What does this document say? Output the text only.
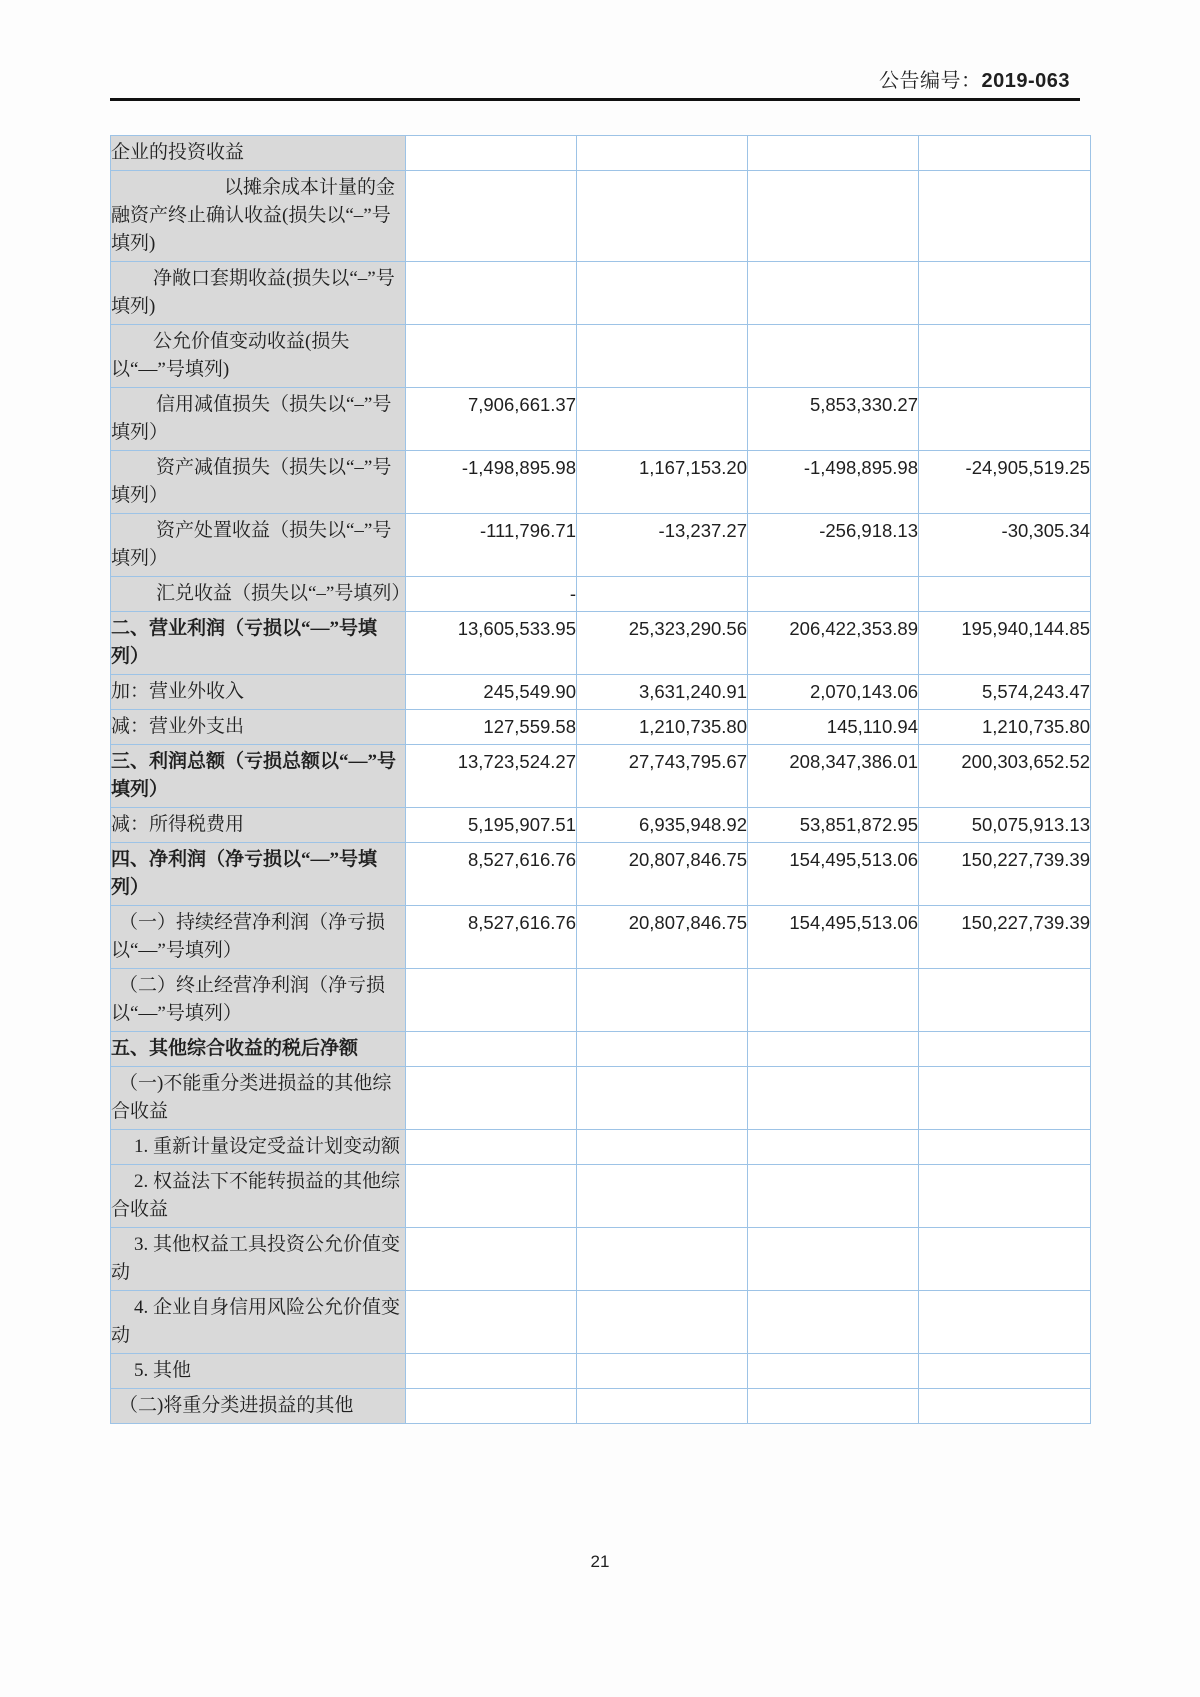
公告编号：2019-063
企业的投资收益				
以摊余成本计量的金融资产终止确认收益(损失以“–”号填列)				
净敞口套期收益(损失以“–”号填列)				
公允价值变动收益(损失以“—”号填列)				
信用减值损失（损失以“–”号填列）	7,906,661.37		5,853,330.27	
资产减值损失（损失以“–”号填列）	-1,498,895.98	1,167,153.20	-1,498,895.98	-24,905,519.25
资产处置收益（损失以“–”号填列）	-111,796.71	-13,237.27	-256,918.13	-30,305.34
汇兑收益（损失以“–”号填列）	-			
二、营业利润（亏损以“—”号填列）	13,605,533.95	25,323,290.56	206,422,353.89	195,940,144.85
加：营业外收入	245,549.90	3,631,240.91	2,070,143.06	5,574,243.47
减：营业外支出	127,559.58	1,210,735.80	145,110.94	1,210,735.80
三、利润总额（亏损总额以“—”号填列）	13,723,524.27	27,743,795.67	208,347,386.01	200,303,652.52
减：所得税费用	5,195,907.51	6,935,948.92	53,851,872.95	50,075,913.13
四、净利润（净亏损以“—”号填列）	8,527,616.76	20,807,846.75	154,495,513.06	150,227,739.39
（一）持续经营净利润（净亏损以“—”号填列）	8,527,616.76	20,807,846.75	154,495,513.06	150,227,739.39
（二）终止经营净利润（净亏损以“—”号填列）				
五、其他综合收益的税后净额				
（一)不能重分类进损益的其他综合收益				
1. 重新计量设定受益计划变动额				
2. 权益法下不能转损益的其他综合收益				
3. 其他权益工具投资公允价值变动				
4. 企业自身信用风险公允价值变动				
5. 其他				
（二)将重分类进损益的其他				
21
